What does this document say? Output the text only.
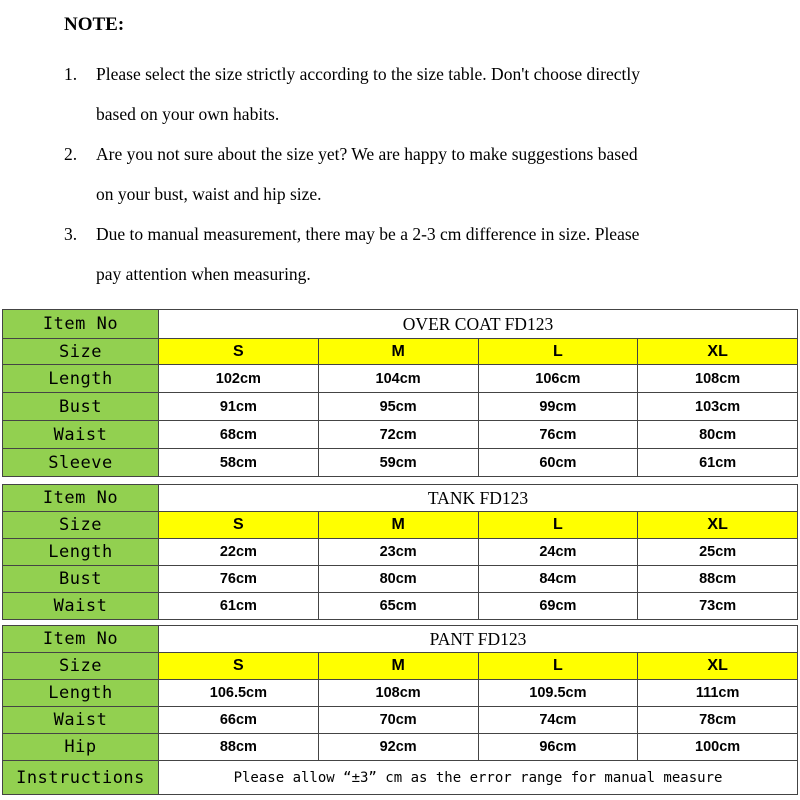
NOTE:
1. Please select the size strictly according to the size table. Don't choose directly
based on your own habits.
2. Are you not sure about the size yet? We are happy to make suggestions based
on your bust, waist and hip size.
3. Due to manual measurement, there may be a 2-3 cm difference in size. Please
pay attention when measuring.
Item No	OVER COAT FD123			
Size	S	M	L	XL
Length	102cm	104cm	106cm	108cm
Bust	91cm	95cm	99cm	103cm
Waist	68cm	72cm	76cm	80cm
Sleeve	58cm	59cm	60cm	61cm
Item No	TANK FD123			
Size	S	M	L	XL
Length	22cm	23cm	24cm	25cm
Bust	76cm	80cm	84cm	88cm
Waist	61cm	65cm	69cm	73cm
Item No	PANT FD123			
Size	S	M	L	XL
Length	106.5cm	108cm	109.5cm	111cm
Waist	66cm	70cm	74cm	78cm
Hip	88cm	92cm	96cm	100cm
Instructions	Please allow “±3” cm as the error range for manual measure			
